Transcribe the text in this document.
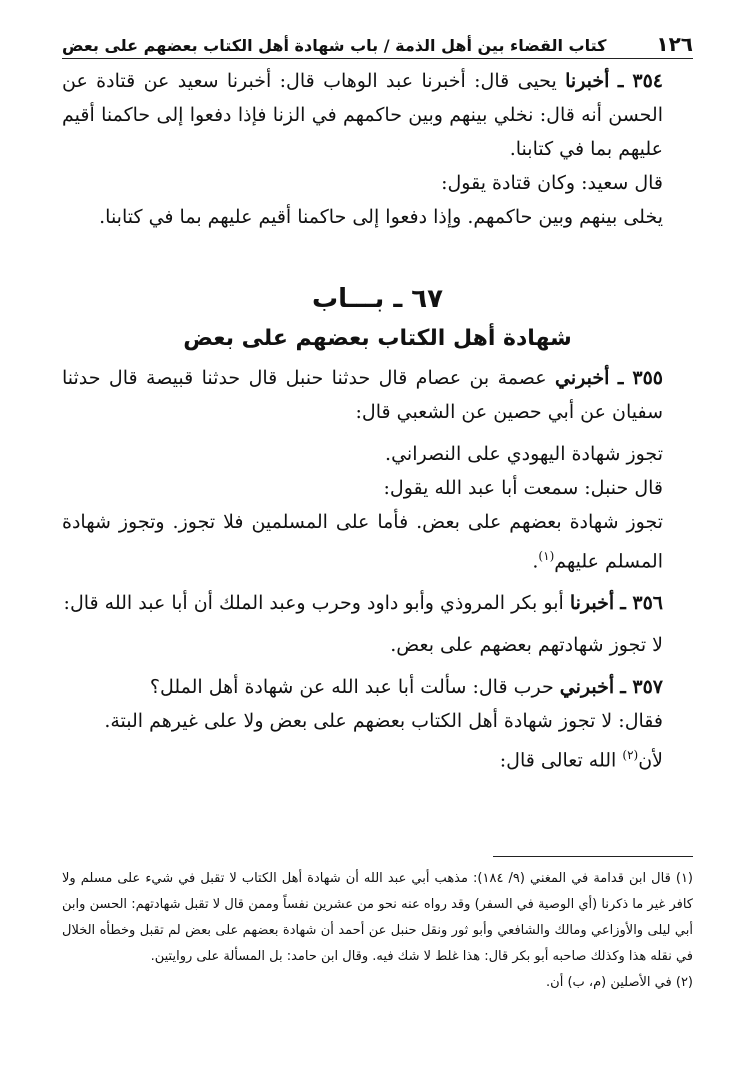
١٢٦
كتاب القضاء بين أهل الذمة / باب شهادة أهل الكتاب بعضهم على بعض

٣٥٤ ـ أخبرنا يحيى قال: أخبرنا عبد الوهاب قال: أخبرنا سعيد عن قتادة عن الحسن أنه قال: نخلي بينهم وبين حاكمهم في الزنا فإذا دفعوا إلى حاكمنا أقيم عليهم بما في كتابنا.

قال سعيد: وكان قتادة يقول:

يخلى بينهم وبين حاكمهم. وإذا دفعوا إلى حاكمنا أقيم عليهم بما في كتابنا.

٦٧ ـ بـــاب
شهادة أهل الكتاب بعضهم على بعض

٣٥٥ ـ أخبرني عصمة بن عصام قال حدثنا حنبل قال حدثنا قبيصة قال حدثنا سفيان عن أبي حصين عن الشعبي قال:

تجوز شهادة اليهودي على النصراني.

قال حنبل: سمعت أبا عبد الله يقول:

تجوز شهادة بعضهم على بعض. فأما على المسلمين فلا تجوز. وتجوز شهادة المسلم عليهم$^{(١)}$.

٣٥٦ ـ أخبرنا أبو بكر المروذي وأبو داود وحرب وعبد الملك أن أبا عبد الله قال:

لا تجوز شهادتهم بعضهم على بعض.

٣٥٧ ـ أخبرني حرب قال: سألت أبا عبد الله عن شهادة أهل الملل؟

فقال: لا تجوز شهادة أهل الكتاب بعضهم على بعض ولا على غيرهم البتة.

لأن$^{(٢)}$ الله تعالى قال:

(١) قال ابن قدامة في المغني (٩/ ١٨٤): مذهب أبي عبد الله أن شهادة أهل الكتاب لا تقبل في شيء على مسلم ولا كافر غير ما ذكرنا (أي الوصية في السفر) وقد رواه عنه نحو من عشرين نفساً وممن قال لا تقبل شهادتهم: الحسن وابن أبي ليلى والأوزاعي ومالك والشافعي وأبو ثور ونقل حنبل عن أحمد أن شهادة بعضهم على بعض لم تقبل وخطأه الخلال في نقله هذا وكذلك صاحبه أبو بكر قال: هذا غلط لا شك فيه. وقال ابن حامد: بل المسألة على روايتين.

(٢) في الأصلين (م، ب) أن.
